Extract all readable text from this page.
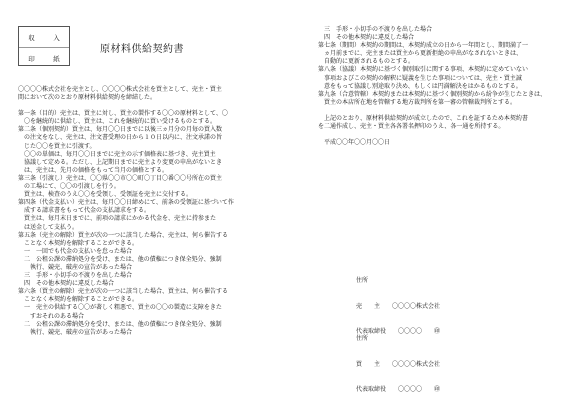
収	入
印	紙
原材料供給契約書
〇〇〇〇株式会社を売主とし、〇〇〇〇株式会社を買主として、売主・買主
間において次のとおり原材料供給契約を締結した。
第一条（目的）売主は、買主に対し、買主の製作する〇〇の原材料として、〇
　〇を継続的に供給し、買主は、これを継続的に買い受けるものとする。
第二条（個別契約）買主は、毎月〇〇日までに以後三ヵ月分の月毎の買入数
　の注文をなし、売主は、注文書受理の日から１０日以内に、注文承諾の旨
　じた〇〇を買主に引渡す。
　〇〇の単価は、毎月〇〇日までに売主の示す価格表に基づき、売主買主
　協議して定める。ただし、上記期日までに売主より変更の申出がないとき
　は、売主は、先月の価格をもって当月の価格とする。
第三条（引渡し）売主は、〇〇県〇〇市〇〇町〇丁目〇番〇〇号所在の買主
　の工場にて、〇〇の引渡しを行う。
　買主は、検査のうえ〇〇を受領し、受領証を売主に交付する。
第四条（代金支払い）売主は、毎月〇〇日締めにて、前条の受領証に基づいて作
　成する請求書をもって代金の支払請求をする。
　買主は、毎月末日までに、前項の請求にかかる代金を、売主に持参また
　は送金して支払う。
第五条（売主の解除）買主が次の一つに該当した場合、売主は、何ら催告する
　ことなく本契約を解除することができる。
　一　一回でも代金の支払いを怠った場合
　二　公租公課の滞納処分を受け、または、他の債権につき保全処分、強制
　　執行、競売、破産の宣告があった場合
　三　手形・小切手の不渡りを出した場合
　四　その他本契約に違反した場合
第六条（買主の解除）売主が次の一つに該当した場合、買主は、何ら催告する
　ことなく本契約を解除することができる。
　一　売主の供給する〇〇が著しく粗悪で、買主の〇〇の製造に支障をきた
　　すおそれのある場合
　二　公租公課の滞納処分を受け、または、他の債権につき保全処分、強制
　　執行、競売、破産の宣告があった場合
　三　手形・小切手の不渡りを出した場合
　四　その他本契約に違反した場合
第七条（期間）本契約の期間は、本契約成立の日から一年間とし、期間満了一
　ヵ月前までに、売主または買主から更新拒絶の申出がなされないときは、
　自動的に更新されるものとする。
第八条（協議）本契約に基づく個別取引に関する事項、本契約に定めていない
　事項およびこの契約の解釈に疑義を生じた事項については、売主・買主誠
　意をもって協議し別途取り決め、もしくは円満解決をはかるものとする。
第九条（合意管轄）本契約または本契約に基づく個別契約から紛争が生じたときは、
　買主の本店所在地を管轄する地方裁判所を第一審の管轄裁判所とする。
　上記のとおり、原材料供給契約が成立したので、これを証するため本契約書
を二通作成し、売主・買主各各署名押印のうえ、各一通を所持する。
　平成〇〇年〇〇月〇〇日

住所

売　　主　　〇〇〇〇株式会社

代表取締役　　〇〇〇〇　　㊞

住所

買　　主　　〇〇〇〇株式会社

代表取締役　　〇〇〇〇　　㊞
